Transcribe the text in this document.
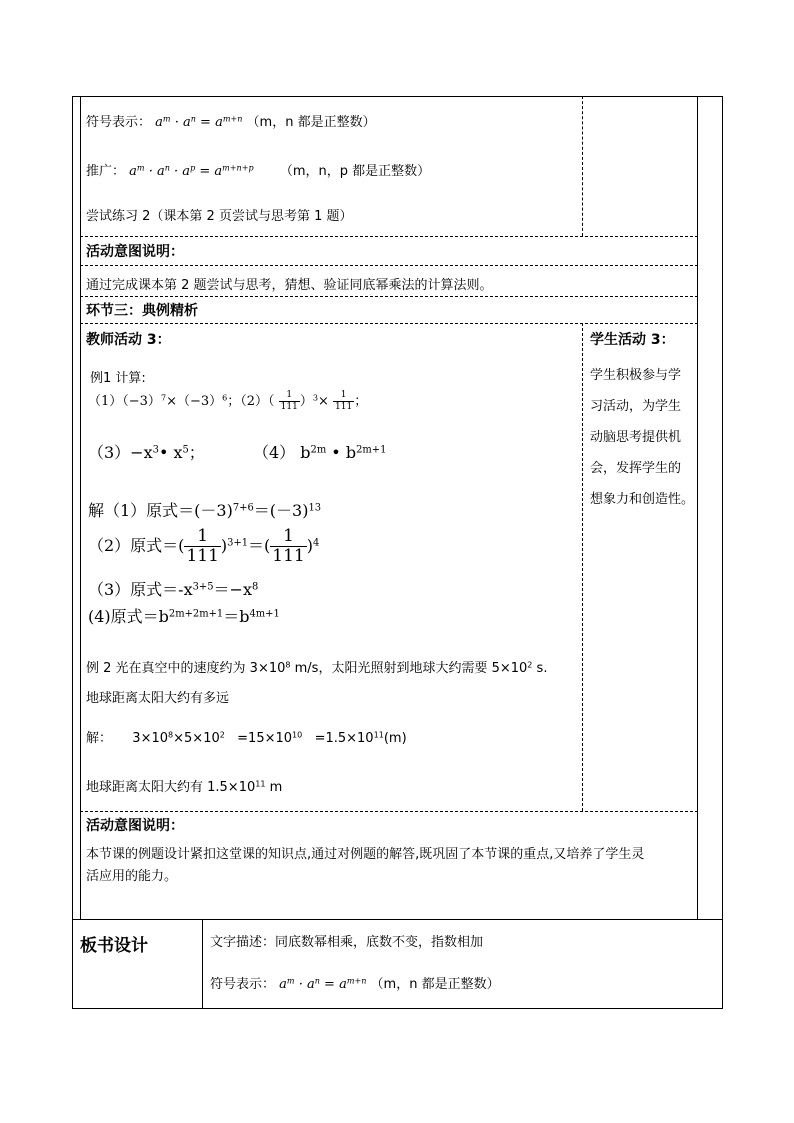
符号表示： $a^m \cdot a^n = a^{m+n}$ （m，n 都是正整数）
推广： $a^m \cdot a^n \cdot a^p = a^{m+n+p}$ （m，n，p 都是正整数）
尝试练习 2（课本第 2 页尝试与思考第 1 题）
活动意图说明：
通过完成课本第 2 题尝试与思考，猜想、验证同底幂乘法的计算法则。
环节三：典例精析
教师活动 3：
例1 计算:
$(1)(-3)^7\times(-3)^6$；$(2)( \frac{1}{111} )^3\times \frac{1}{111}$ ；
$(3)-x^3•$ $x^5$；	（4） $b^{2m}$ • $b^{2m+1}$
解（1）原式$=(-3)^{7+6}=(-3)^{13}$
（2）原式＝( $\frac{1}{111} )^{3+1}=( \frac{1}{111} )^4$
（3）原式$=-x^{3+5}=-x^8$
(4)原式$=b^{2m+2m+1}=b^{4m+1}$
例 2 光在真空中的速度约为 $3\times 10^8$ m/s，太阳光照射到地球大约需要 $5\times 10^2$ s.
地球距离太阳大约有多远
解： $3\times 10^8\times 5\times 10^2 =15\times 10^{10} =1.5\times 10^{11}(m)$
地球距离太阳大约有 $1.5\times 10^{11}$ m
学生活动 3：
学生积极参与学
习活动，为学生
动脑思考提供机
会，发挥学生的
想象力和创造性。
活动意图说明：
本节课的例题设计紧扣这堂课的知识点,通过对例题的解答,既巩固了本节课的重点,又培养了学生灵
活应用的能力。
板书设计	文字描述：同底数幂相乘，底数不变，指数相加
符号表示： $a^m \cdot a^n = a^{m+n}$ （m，n 都是正整数）
